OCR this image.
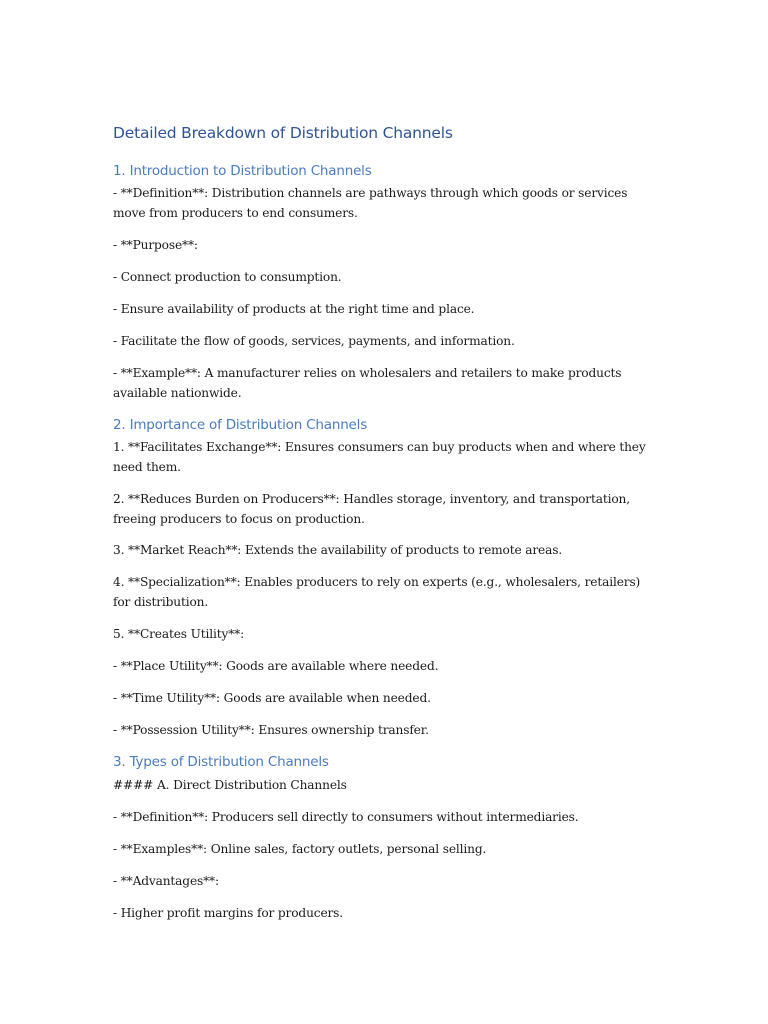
Detailed Breakdown of Distribution Channels
1. Introduction to Distribution Channels

- **Definition**: Distribution channels are pathways through which goods or services move from producers to end consumers.

- **Purpose**:

- Connect production to consumption.

- Ensure availability of products at the right time and place.

- Facilitate the flow of goods, services, payments, and information.

- **Example**: A manufacturer relies on wholesalers and retailers to make products available nationwide.

2. Importance of Distribution Channels

1. **Facilitates Exchange**: Ensures consumers can buy products when and where they need them.

2. **Reduces Burden on Producers**: Handles storage, inventory, and transportation, freeing producers to focus on production.

3. **Market Reach**: Extends the availability of products to remote areas.

4. **Specialization**: Enables producers to rely on experts (e.g., wholesalers, retailers) for distribution.

5. **Creates Utility**:

- **Place Utility**: Goods are available where needed.

- **Time Utility**: Goods are available when needed.

- **Possession Utility**: Ensures ownership transfer.

3. Types of Distribution Channels

#### A. Direct Distribution Channels

- **Definition**: Producers sell directly to consumers without intermediaries.

- **Examples**: Online sales, factory outlets, personal selling.

- **Advantages**:

- Higher profit margins for producers.
